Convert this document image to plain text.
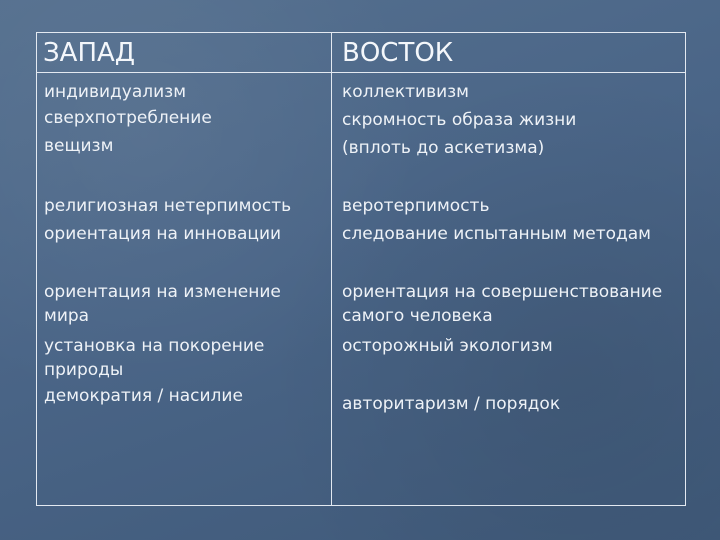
ЗАПАД	ВОСТОК
индивидуализм
сверхпотребление
вещизм
религиозная нетерпимость
ориентация на инновации
ориентация на изменение
мира
установка на покорение
природы
демократия / насилие
коллективизм
скромность образа жизни
(вплоть до аскетизма)
веротерпимость
следование испытанным методам
ориентация на совершенствование
самого человека
осторожный экологизм
авторитаризм / порядок
